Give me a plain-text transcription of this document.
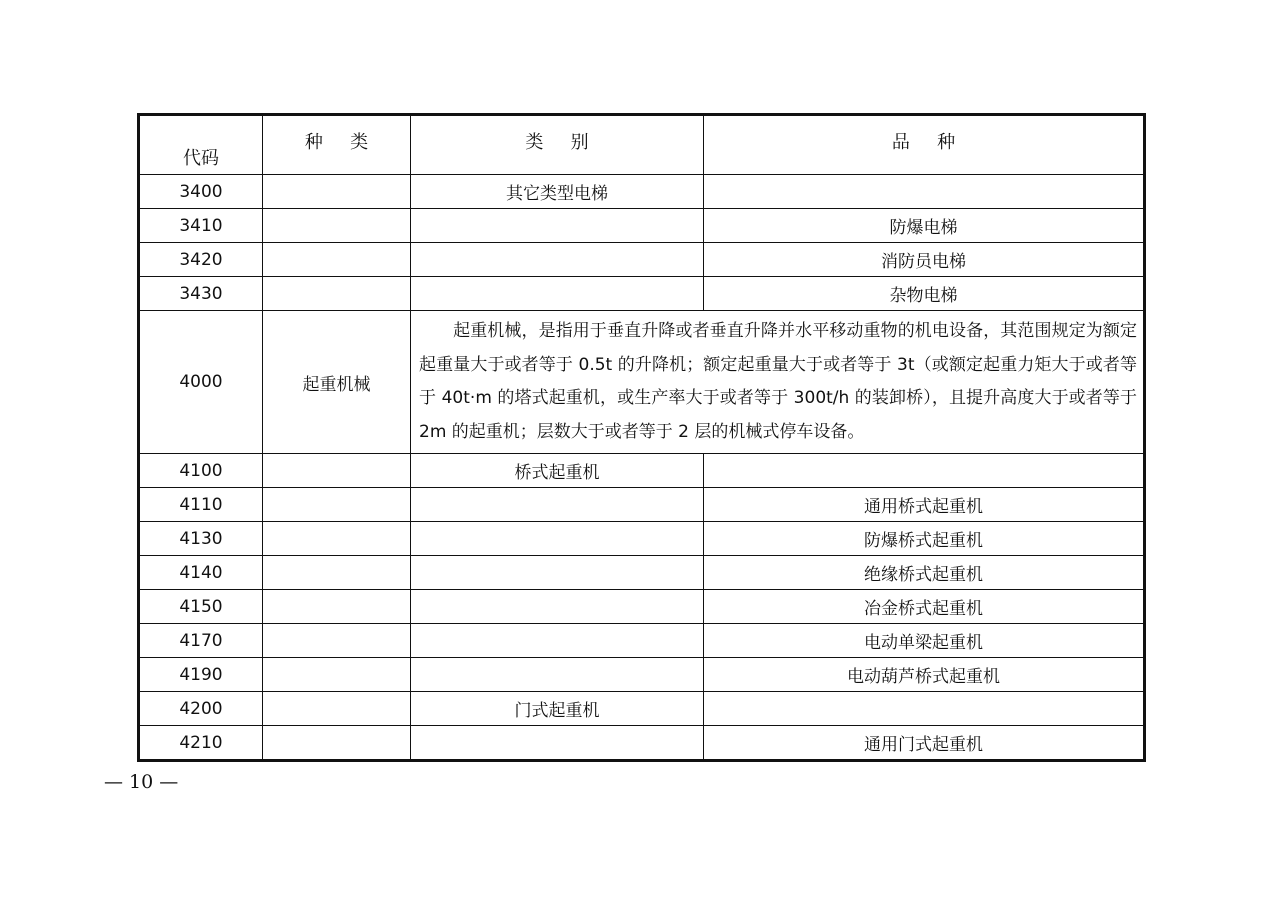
代码	种 类	类 别	品 种
3400		其它类型电梯	
3410			防爆电梯
3420			消防员电梯
3430			杂物电梯
4000	起重机械	起重机械，是指用于垂直升降或者垂直升降并水平移动重物的机电设备，其范围规定为额定起重量大于或者等于 0.5t 的升降机；额定起重量大于或者等于 3t（或额定起重力矩大于或者等于 40t·m 的塔式起重机，或生产率大于或者等于 300t/h 的装卸桥），且提升高度大于或者等于 2m 的起重机；层数大于或者等于 2 层的机械式停车设备。	
4100		桥式起重机	
4110			通用桥式起重机
4130			防爆桥式起重机
4140			绝缘桥式起重机
4150			冶金桥式起重机
4170			电动单梁起重机
4190			电动葫芦桥式起重机
4200		门式起重机	
4210			通用门式起重机
— 10 —
